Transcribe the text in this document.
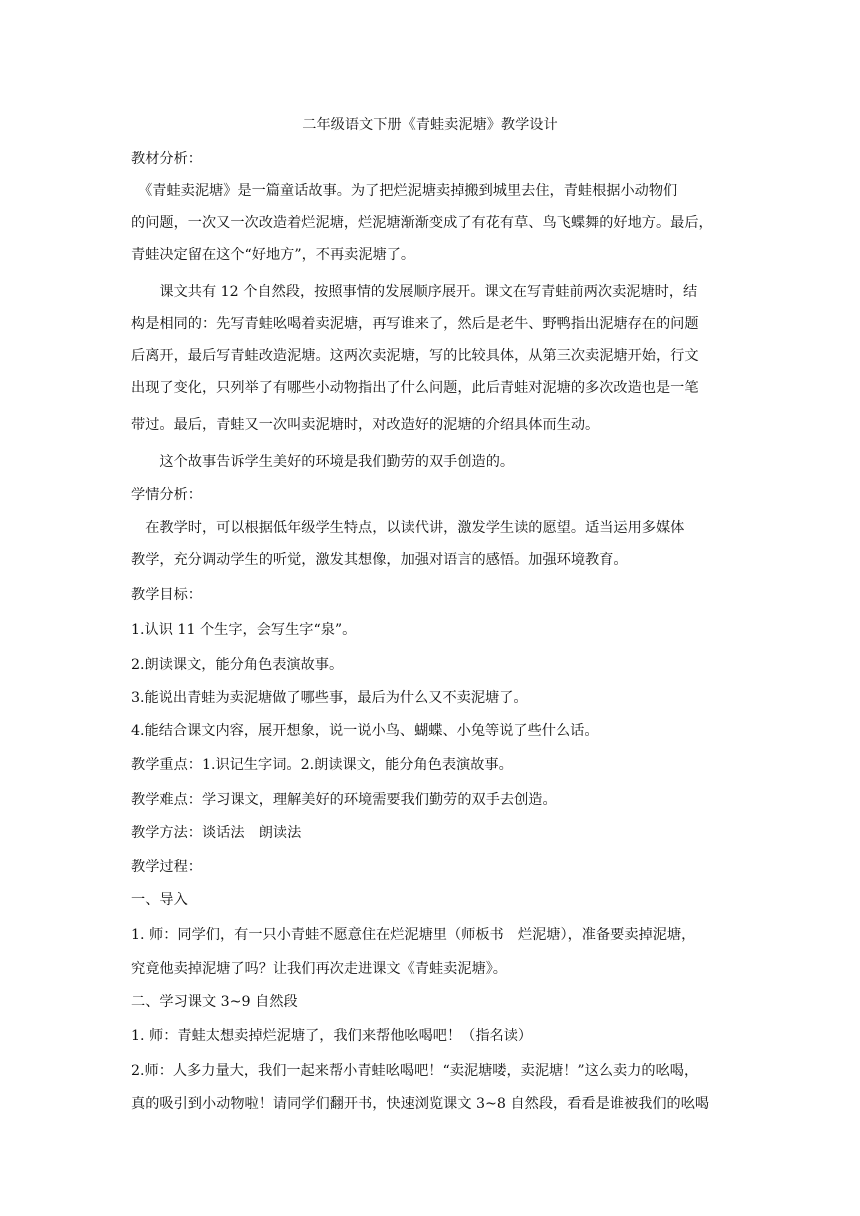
二年级语文下册《青蛙卖泥塘》教学设计
教材分析：
　《青蛙卖泥塘》是一篇童话故事。为了把烂泥塘卖掉搬到城里去住，青蛙根据小动物们
的问题，一次又一次改造着烂泥塘，烂泥塘渐渐变成了有花有草、鸟飞蝶舞的好地方。最后，
青蛙决定留在这个“好地方”，不再卖泥塘了。
　　课文共有 12 个自然段，按照事情的发展顺序展开。课文在写青蛙前两次卖泥塘时，结
构是相同的：先写青蛙吆喝着卖泥塘，再写谁来了，然后是老牛、野鸭指出泥塘存在的问题
后离开，最后写青蛙改造泥塘。这两次卖泥塘，写的比较具体，从第三次卖泥塘开始，行文
出现了变化，只列举了有哪些小动物指出了什么问题，此后青蛙对泥塘的多次改造也是一笔
带过。最后，青蛙又一次叫卖泥塘时，对改造好的泥塘的介绍具体而生动。
　　这个故事告诉学生美好的环境是我们勤劳的双手创造的。
学情分析：
　在教学时，可以根据低年级学生特点，以读代讲，激发学生读的愿望。适当运用多媒体
教学，充分调动学生的听觉，激发其想像，加强对语言的感悟。加强环境教育。
教学目标：
1.认识 11 个生字，会写生字“泉”。
2.朗读课文，能分角色表演故事。
3.能说出青蛙为卖泥塘做了哪些事，最后为什么又不卖泥塘了。
4.能结合课文内容，展开想象，说一说小鸟、蝴蝶、小兔等说了些什么话。
教学重点：1.识记生字词。2.朗读课文，能分角色表演故事。
教学难点：学习课文，理解美好的环境需要我们勤劳的双手去创造。
教学方法：谈话法　朗读法
教学过程：
一、导入
1. 师：同学们，有一只小青蛙不愿意住在烂泥塘里（师板书　烂泥塘），准备要卖掉泥塘，
究竟他卖掉泥塘了吗？让我们再次走进课文《青蛙卖泥塘》。
二、学习课文 3~9 自然段
1. 师：青蛙太想卖掉烂泥塘了，我们来帮他吆喝吧！（指名读）
2.师：人多力量大，我们一起来帮小青蛙吆喝吧！“卖泥塘喽，卖泥塘！”这么卖力的吆喝，
真的吸引到小动物啦！请同学们翻开书，快速浏览课文 3~8 自然段，看看是谁被我们的吆喝
